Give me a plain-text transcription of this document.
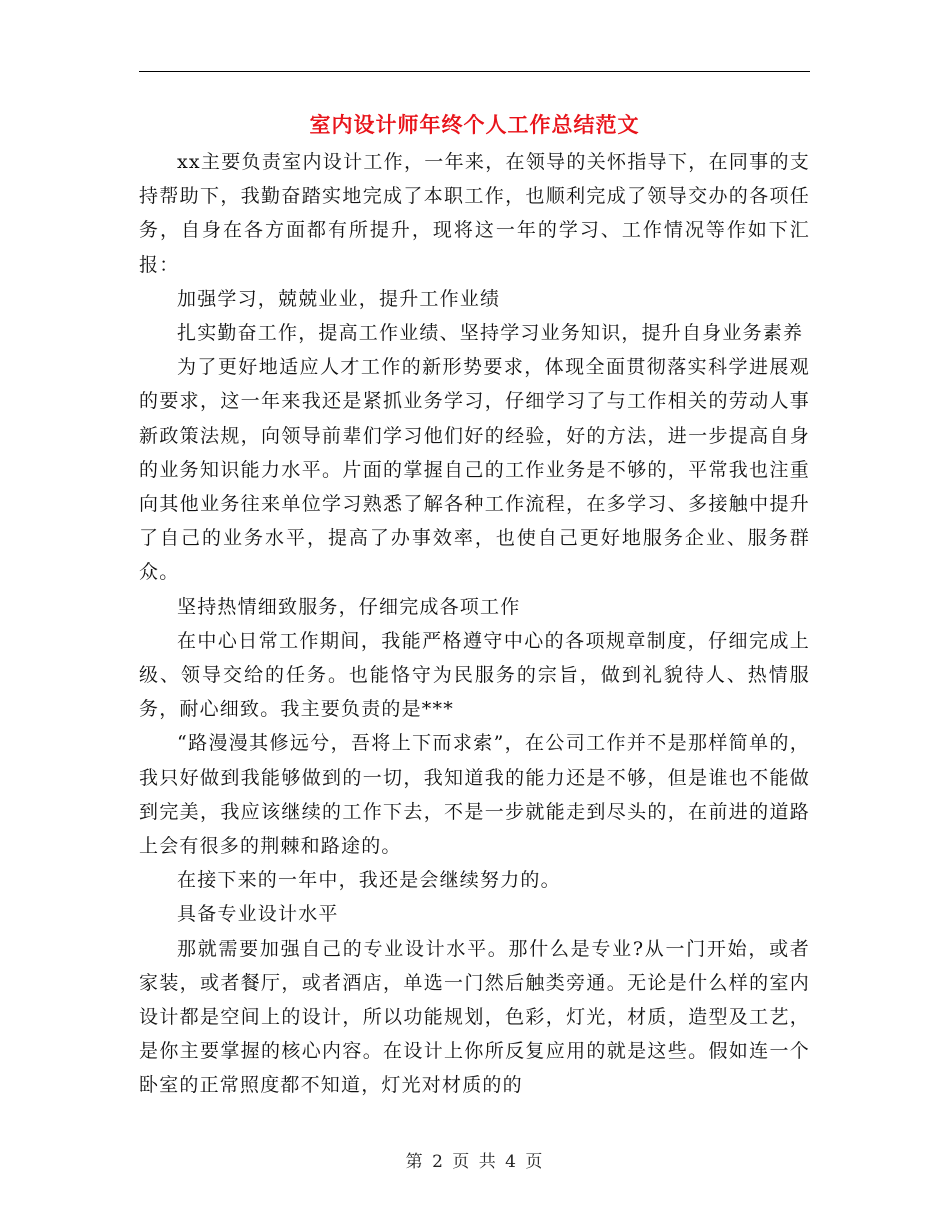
室内设计师年终个人工作总结范文

xx主要负责室内设计工作，一年来，在领导的关怀指导下，在同事的支持帮助下，我勤奋踏实地完成了本职工作，也顺利完成了领导交办的各项任务，自身在各方面都有所提升，现将这一年的学习、工作情况等作如下汇报：

加强学习，兢兢业业，提升工作业绩

扎实勤奋工作，提高工作业绩、坚持学习业务知识，提升自身业务素养

为了更好地适应人才工作的新形势要求，体现全面贯彻落实科学进展观的要求，这一年来我还是紧抓业务学习，仔细学习了与工作相关的劳动人事新政策法规，向领导前辈们学习他们好的经验，好的方法，进一步提高自身的业务知识能力水平。片面的掌握自己的工作业务是不够的，平常我也注重向其他业务往来单位学习熟悉了解各种工作流程，在多学习、多接触中提升了自己的业务水平，提高了办事效率，也使自己更好地服务企业、服务群众。

坚持热情细致服务，仔细完成各项工作

在中心日常工作期间，我能严格遵守中心的各项规章制度，仔细完成上级、领导交给的任务。也能恪守为民服务的宗旨，做到礼貌待人、热情服务，耐心细致。我主要负责的是***

“路漫漫其修远兮，吾将上下而求索”，在公司工作并不是那样简单的，我只好做到我能够做到的一切，我知道我的能力还是不够，但是谁也不能做到完美，我应该继续的工作下去，不是一步就能走到尽头的，在前进的道路上会有很多的荆棘和路途的。

在接下来的一年中，我还是会继续努力的。

具备专业设计水平

那就需要加强自己的专业设计水平。那什么是专业?从一门开始，或者家装，或者餐厅，或者酒店，单选一门然后触类旁通。无论是什么样的室内设计都是空间上的设计，所以功能规划，色彩，灯光，材质，造型及工艺，是你主要掌握的核心内容。在设计上你所反复应用的就是这些。假如连一个卧室的正常照度都不知道，灯光对材质的的

第 2 页 共 4 页
